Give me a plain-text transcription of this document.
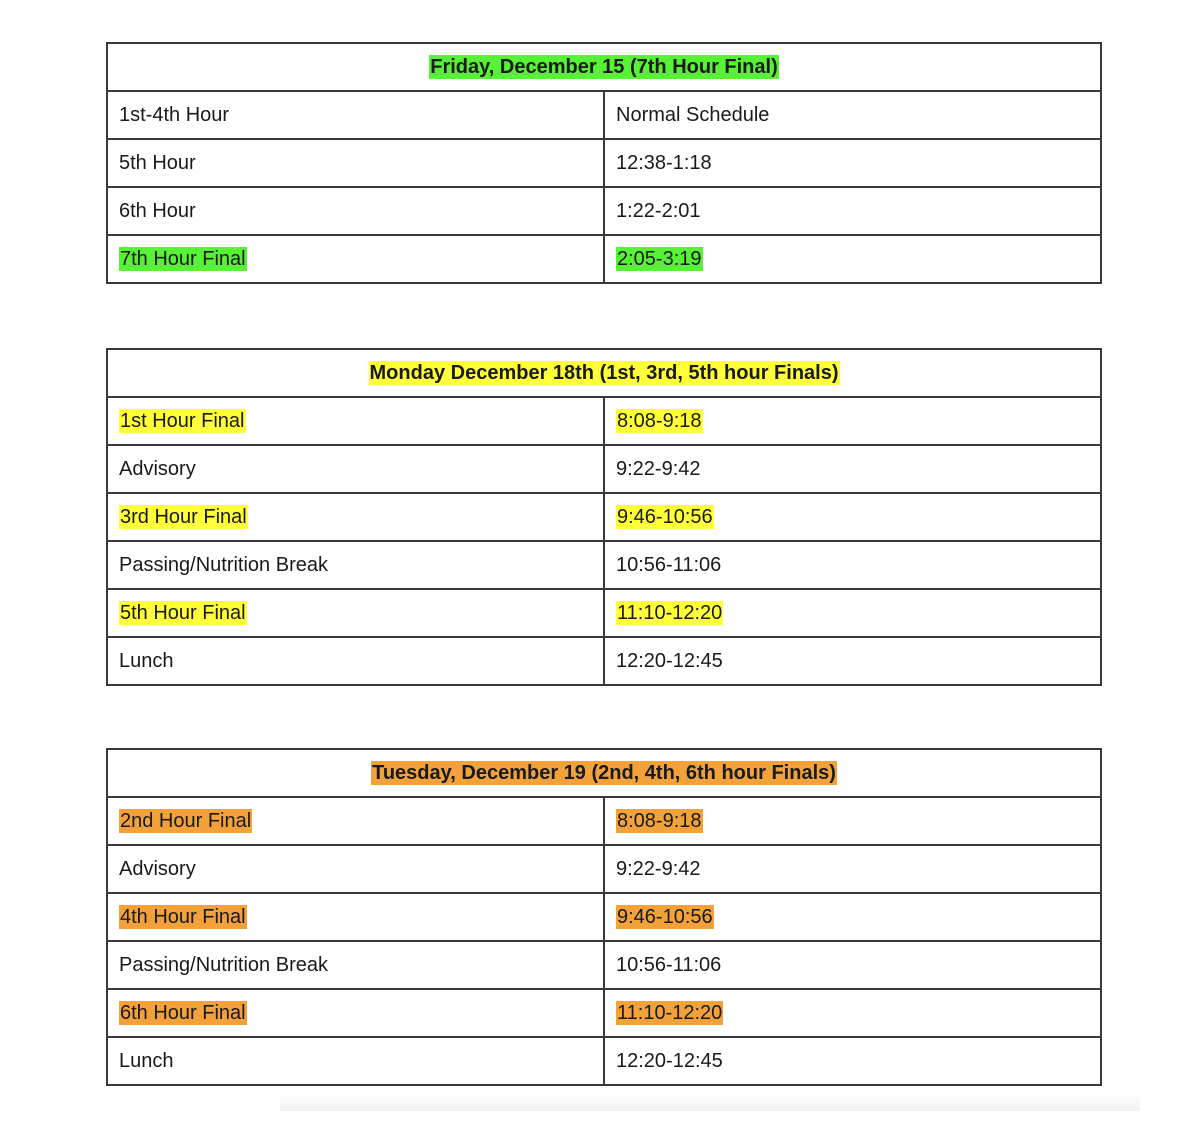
Friday, December 15 (7th Hour Final)	
1st-4th Hour	Normal Schedule
5th Hour	12:38-1:18
6th Hour	1:22-2:01
7th Hour Final	2:05-3:19
Monday December 18th (1st, 3rd, 5th hour Finals)	
1st Hour Final	8:08-9:18
Advisory	9:22-9:42
3rd Hour Final	9:46-10:56
Passing/Nutrition Break	10:56-11:06
5th Hour Final	11:10-12:20
Lunch	12:20-12:45
Tuesday, December 19 (2nd, 4th, 6th hour Finals)	
2nd Hour Final	8:08-9:18
Advisory	9:22-9:42
4th Hour Final	9:46-10:56
Passing/Nutrition Break	10:56-11:06
6th Hour Final	11:10-12:20
Lunch	12:20-12:45
